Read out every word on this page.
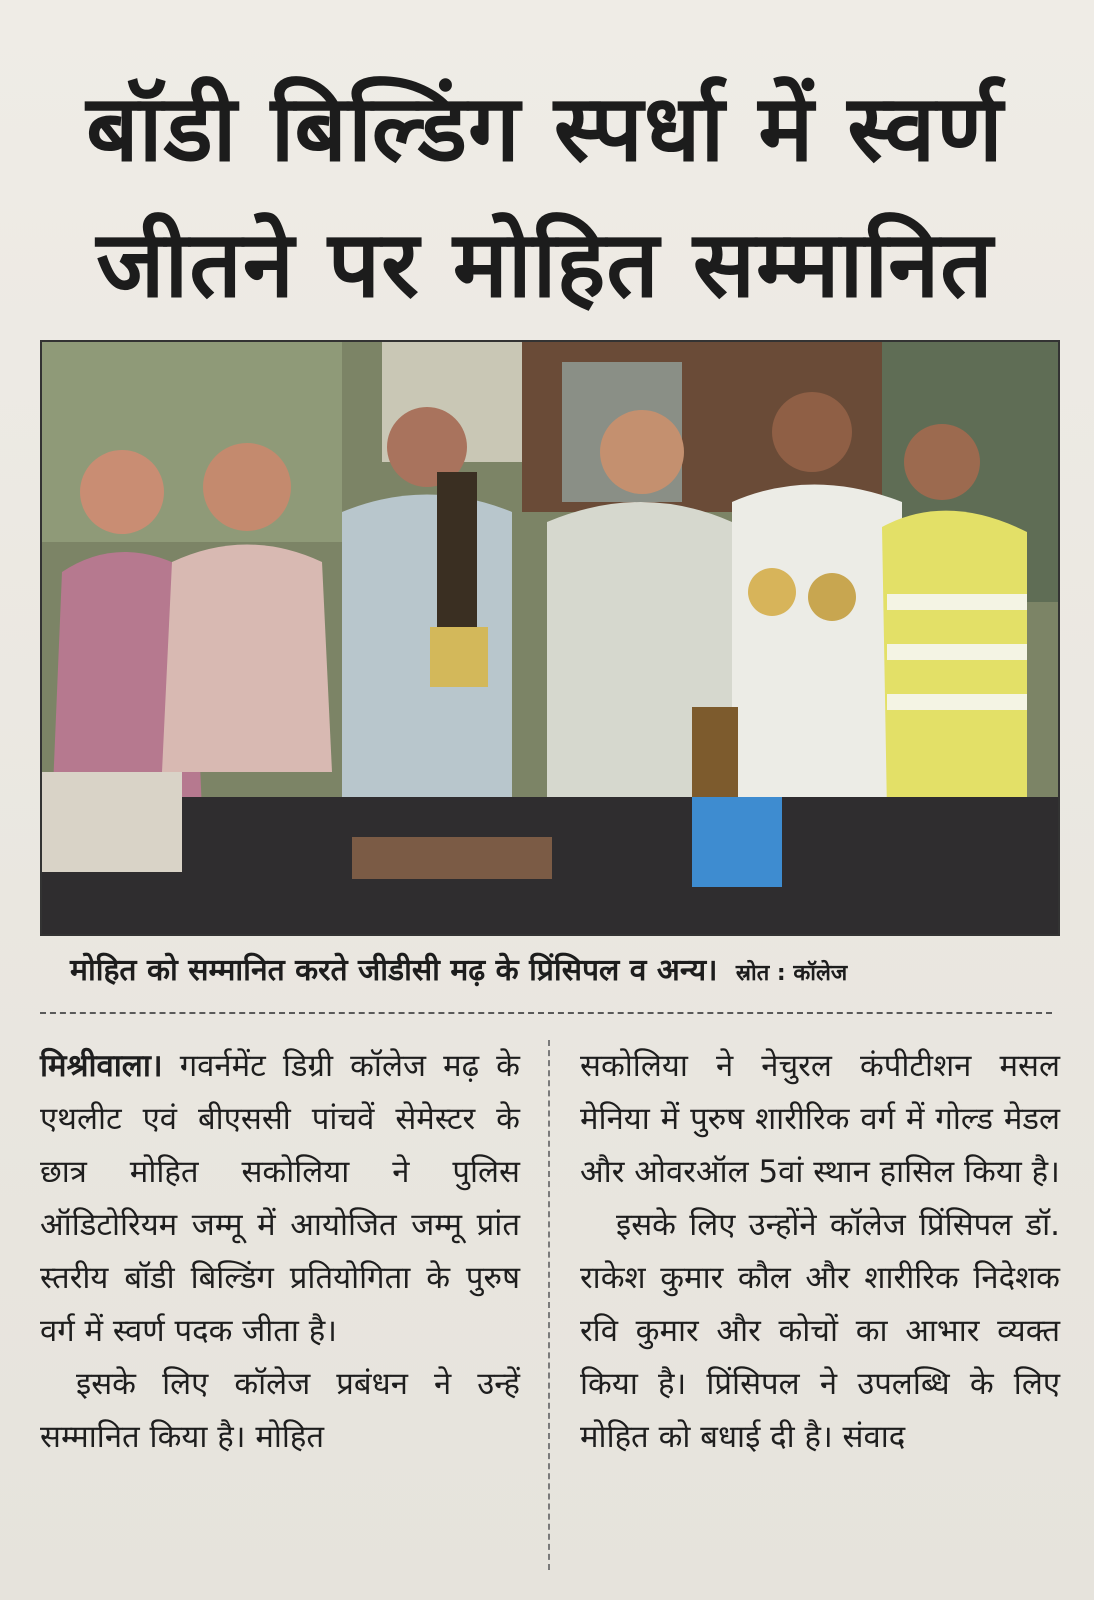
बॉडी बिल्डिंग स्पर्धा में स्वर्ण
जीतने पर मोहित सम्मानित
मोहित को सम्मानित करते जीडीसी मढ़ के प्रिंसिपल व अन्य। स्रोत : कॉलेज

मिश्रीवाला। गवर्नमेंट डिग्री कॉलेज मढ़ के एथलीट एवं बीएससी पांचवें सेमेस्टर के छात्र मोहित सकोलिया ने पुलिस ऑडिटोरियम जम्मू में आयोजित जम्मू प्रांत स्तरीय बॉडी बिल्डिंग प्रतियोगिता के पुरुष वर्ग में स्वर्ण पदक जीता है।

इसके लिए कॉलेज प्रबंधन ने उन्हें सम्मानित किया है। मोहित

सकोलिया ने नेचुरल कंपीटीशन मसल मेनिया में पुरुष शारीरिक वर्ग में गोल्ड मेडल और ओवरऑल 5वां स्थान हासिल किया है।

इसके लिए उन्होंने कॉलेज प्रिंसिपल डॉ. राकेश कुमार कौल और शारीरिक निदेशक रवि कुमार और कोचों का आभार व्यक्त किया है। प्रिंसिपल ने उपलब्धि के लिए मोहित को बधाई दी है। संवाद
